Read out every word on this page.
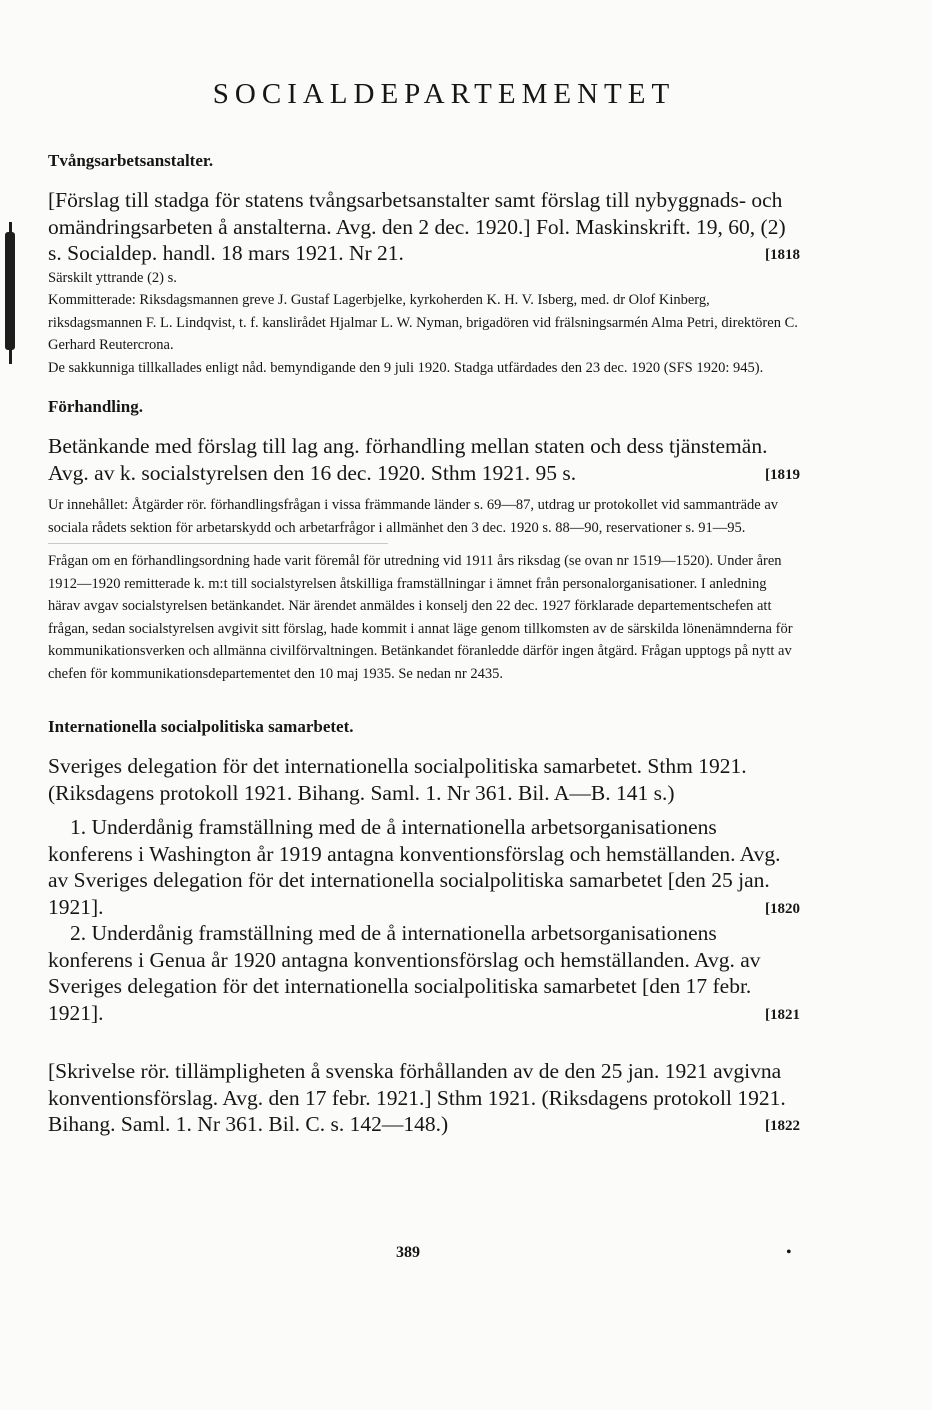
SOCIALDEPARTEMENTET
Tvångsarbetsanstalter.

[Förslag till stadga för statens tvångsarbetsanstalter samt förslag till nybyggnads- och omändringsarbeten å anstalterna. Avg. den 2 dec. 1920.] Fol. Maskinskrift. 19, 60, (2) s. Socialdep. handl. 18 mars 1921. Nr 21.	[1818

Särskilt yttrande (2) s.

Kommitterade: Riksdagsmannen greve J. Gustaf Lagerbjelke, kyrkoherden K. H. V. Isberg, med. dr Olof Kinberg, riksdagsmannen F. L. Lindqvist, t. f. kanslirådet Hjalmar L. W. Nyman, brigadören vid frälsningsarmén Alma Petri, direktören C. Gerhard Reutercrona.

De sakkunniga tillkallades enligt nåd. bemyndigande den 9 juli 1920. Stadga utfärdades den 23 dec. 1920 (SFS 1920: 945).

Förhandling.

Betänkande med förslag till lag ang. förhandling mellan staten och dess tjänstemän. Avg. av k. socialstyrelsen den 16 dec. 1920. Sthm 1921. 95 s.	[1819

Ur innehållet: Åtgärder rör. förhandlingsfrågan i vissa främmande länder s. 69—87, utdrag ur protokollet vid sammanträde av sociala rådets sektion för arbetarskydd och arbetarfrågor i allmänhet den 3 dec. 1920 s. 88—90, reservationer s. 91—95.

Frågan om en förhandlingsordning hade varit föremål för utredning vid 1911 års riksdag (se ovan nr 1519—1520). Under åren 1912—1920 remitterade k. m:t till socialstyrelsen åtskilliga framställningar i ämnet från personalorganisationer. I anledning härav avgav socialstyrelsen betänkandet. När ärendet anmäldes i konselj den 22 dec. 1927 förklarade departementschefen att frågan, sedan socialstyrelsen avgivit sitt förslag, hade kommit i annat läge genom tillkomsten av de särskilda lönenämnderna för kommunikationsverken och allmänna civilförvaltningen. Betänkandet föranledde därför ingen åtgärd. Frågan upptogs på nytt av chefen för kommunikationsdepartementet den 10 maj 1935. Se nedan nr 2435.

Internationella socialpolitiska samarbetet.

Sveriges delegation för det internationella socialpolitiska samarbetet. Sthm 1921. (Riksdagens protokoll 1921. Bihang. Saml. 1. Nr 361. Bil. A—B. 141 s.)

1. Underdånig framställning med de å internationella arbetsorganisationens konferens i Washington år 1919 antagna konventionsförslag och hemställanden. Avg. av Sveriges delegation för det internationella socialpolitiska samarbetet [den 25 jan. 1921].	[1820

2. Underdånig framställning med de å internationella arbetsorganisationens konferens i Genua år 1920 antagna konventionsförslag och hemställanden. Avg. av Sveriges delegation för det internationella socialpolitiska samarbetet [den 17 febr. 1921].	[1821

[Skrivelse rör. tillämpligheten å svenska förhållanden av de den 25 jan. 1921 avgivna konventionsförslag. Avg. den 17 febr. 1921.] Sthm 1921. (Riksdagens protokoll 1921. Bihang. Saml. 1. Nr 361. Bil. C. s. 142—148.)	[1822

389	•
